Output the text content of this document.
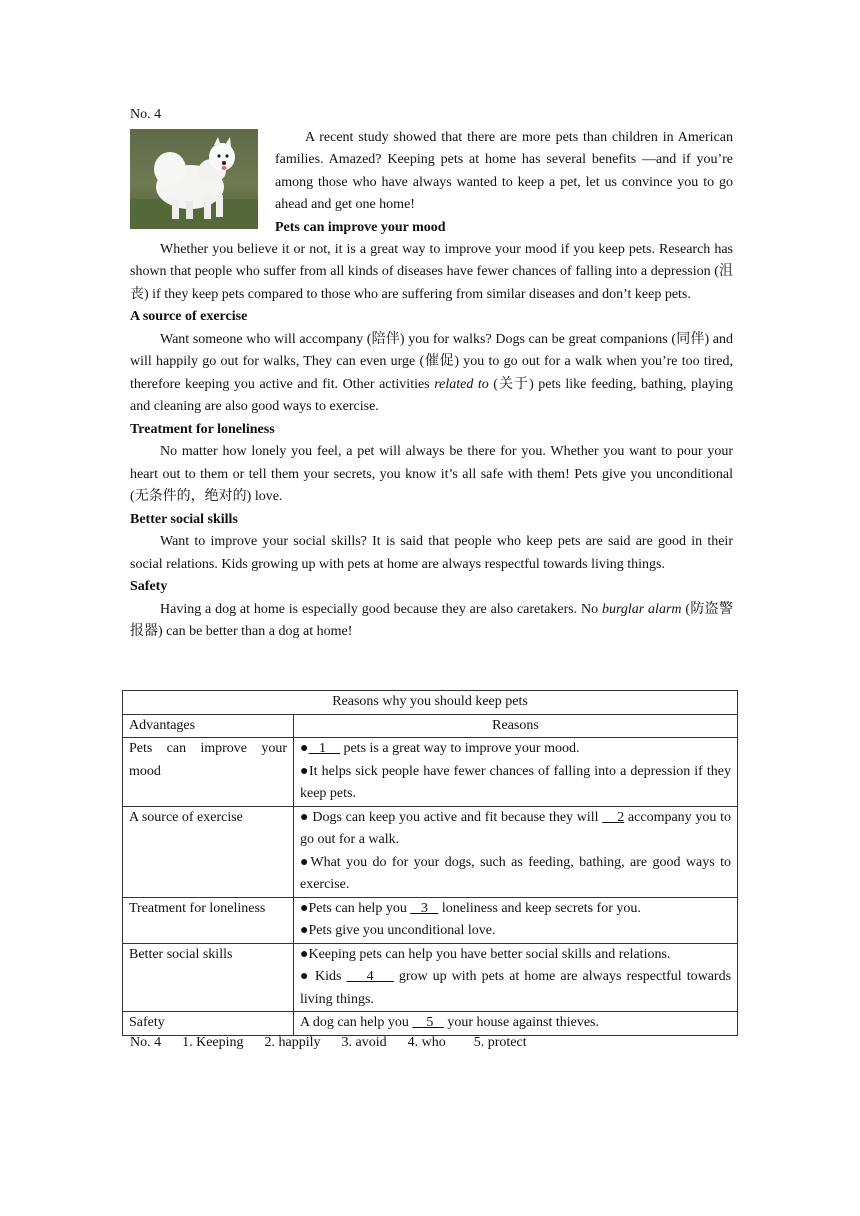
No. 4

A recent study showed that there are more pets than children in American families. Amazed? Keeping pets at home has several benefits —and if you’re among those who have always wanted to keep a pet, let us convince you to go ahead and get one home!

Pets can improve your mood

Whether you believe it or not, it is a great way to improve your mood if you keep pets. Research has shown that people who suffer from all kinds of diseases have fewer chances of falling into a depression (沮丧) if they keep pets compared to those who are suffering from similar diseases and don’t keep pets.

A source of exercise

Want someone who will accompany (陪伴) you for walks? Dogs can be great companions (同伴) and will happily go out for walks, They can even urge (催促) you to go out for a walk when you’re too tired, therefore keeping you active and fit. Other activities related to (关于) pets like feeding, bathing, playing and cleaning are also good ways to exercise.

Treatment for loneliness

No matter how lonely you feel, a pet will always be there for you. Whether you want to pour your heart out to them or tell them your secrets, you know it’s all safe with them! Pets give you unconditional (无条件的，绝对的) love.

Better social skills

Want to improve your social skills? It is said that people who keep pets are said are good in their social relations. Kids growing up with pets at home are always respectful towards living things.

Safety

Having a dog at home is especially good because they are also caretakers. No burglar alarm (防盗警报器) can be better than a dog at home!

Reasons why you should keep pets	
Advantages	Reasons
Pets can improve your mood	●   1     pets is a great way to improve your mood.
●It helps sick people have fewer chances of falling into a depression if they keep pets.

A source of exercise	● Dogs can keep you active and fit because they will     2 accompany you to go out for a walk.
●What you do for your dogs, such as feeding, bathing, are good ways to exercise.

Treatment for loneliness	●Pets can help you    3    loneliness and keep secrets for you.
●Pets give you unconditional love.

Better social skills	●Keeping pets can help you have better social skills and relations.
● Kids     4     grow up with pets at home are always respectful towards living things.

Safety	A dog can help you     5    your house against thieves.
No. 4      1. Keeping      2. happily      3. avoid      4. who        5. protect
